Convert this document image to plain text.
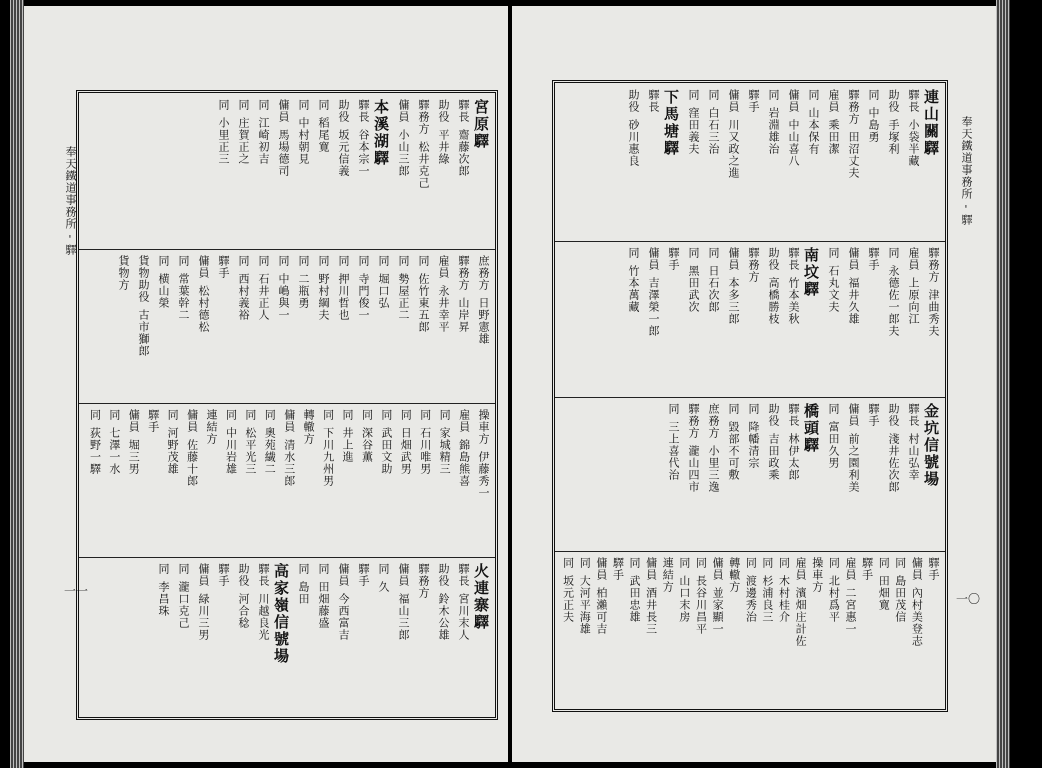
奉天鐵道事務所 - 驛
一一
宮原驛
驛長齋藤次郎
助役平井綠
驛務方松井克己
傭員小山三郎
本溪湖驛
驛長谷本宗一
助役坂元信義
同稻尾寛
同中村朝見
傭員馬場德司
同江崎初吉
同庄賀正之
同小里正三
庶務方日野憲雄
驛務方山岸昇
雇員永井幸平
同佐竹東五郎
同勢屋正二
同堀口弘
同寺門俊一
同押川哲也
同野村綱夫
同二瓶勇
同中嶋與一
同石井正人
同西村義裕
驛手
傭員松村德松
同常葉幹二
同横山榮
貨物助役古市獅郎
貨物方
操車方伊藤秀一
雇員錦島熊喜
同家城精三
同石川唯男
同日畑武男
同武田文助
同深谷薫
同井上進
同下川九州男
轉轍方
傭員清水三郎
同奧苑繊二
同松平光三
同中川岩雄
連結方
傭員佐藤十郎
同河野茂雄
驛手
傭員堀三男
同七澤一水
同荻野一驛
火連寨驛
驛長宮川末人
助役鈴木公雄
驛務方
傭員福山三郎
同久
驛手
傭員今西富吉
同田畑藤盛
同島田
高家嶺信號場
驛長川越良光
助役河合稔
驛手
傭員緑川三男
同瀧口克己
同李昌珠
奉天鐵道事務所 - 驛
一〇
連山關驛
驛長小袋半藏
助役手塚利
同中島勇
驛務方田沼丈夫
雇員乘田潔
同山本保有
傭員中山喜八
同岩淵雄治
驛手
傭員川又政之進
同白石三治
同窪田義夫
下馬塘驛
驛長
助役砂川惠良
驛務方津曲秀夫
雇員上原向江
同永德佐一郎夫
驛手
傭員福井久雄
同石丸文夫
南坟驛
驛長竹本美秋
助役高橋勝枝
驛務方
傭員本多三郎
同日石次郎
同黑田武次
驛手
傭員吉澤榮一郎
同竹本萬藏
金坑信號場
驛長村山弘幸
助役淺井佐次郎
驛手
傭員前之園利美
同富田久男
橋頭驛
驛長林伊太郎
助役吉田政乘
同降幡清宗
同毀部不可敷
庶務方小里三逸
驛務方瀧山四市
同三上喜代治
驛手
傭員內村美登志
同島田茂信
同田畑寛
驛手
雇員二宮惠一
同北村爲平
操車方
雇員濱畑庄計佐
同木村桂介
同杉浦良三
同渡邊秀治
轉轍方
傭員並家顯一
同長谷川昌平
同山口末房
連結方
傭員酒井長三
同武田忠雄
驛手
傭員柏瀨可吉
同大河平海雄
同坂元正夫
